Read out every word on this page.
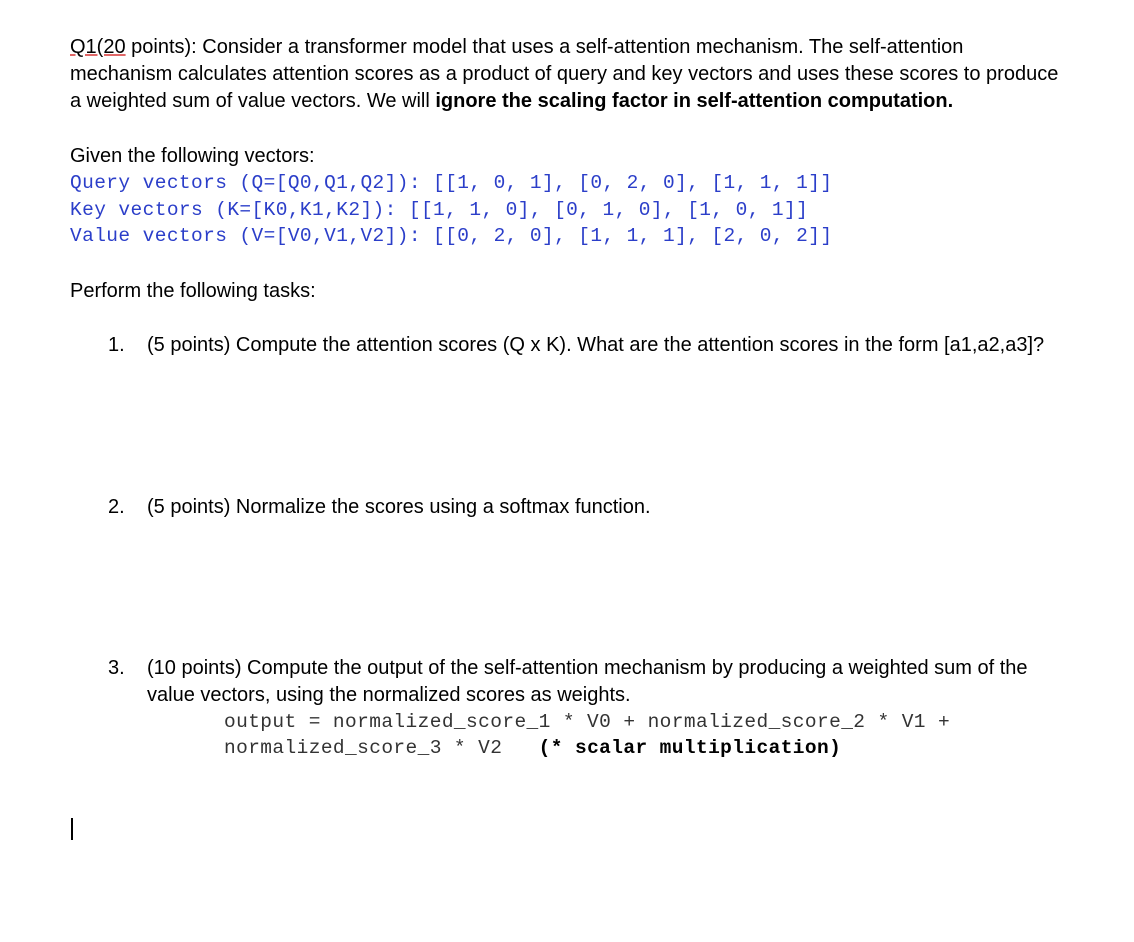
Q1(20 points): Consider a transformer model that uses a self-attention mechanism. The self-attention mechanism calculates attention scores as a product of query and key vectors and uses these scores to produce a weighted sum of value vectors. We will ignore the scaling factor in self-attention computation.

Given the following vectors:

Query vectors (Q=[Q0,Q1,Q2]): [[1, 0, 1], [0, 2, 0], [1, 1, 1]]
Key vectors (K=[K0,K1,K2]): [[1, 1, 0], [0, 1, 0], [1, 0, 1]]
Value vectors (V=[V0,V1,V2]): [[0, 2, 0], [1, 1, 1], [2, 0, 2]]

Perform the following tasks:

1. (5 points) Compute the attention scores (Q x K). What are the attention scores in the form [a1,a2,a3]?
2. (5 points) Normalize the scores using a softmax function.
3. (10 points) Compute the output of the self-attention mechanism by producing a weighted sum of the value vectors, using the normalized scores as weights.
output = normalized_score_1 * V0 + normalized_score_2 * V1 +
normalized_score_3 * V2 (* scalar multiplication)
